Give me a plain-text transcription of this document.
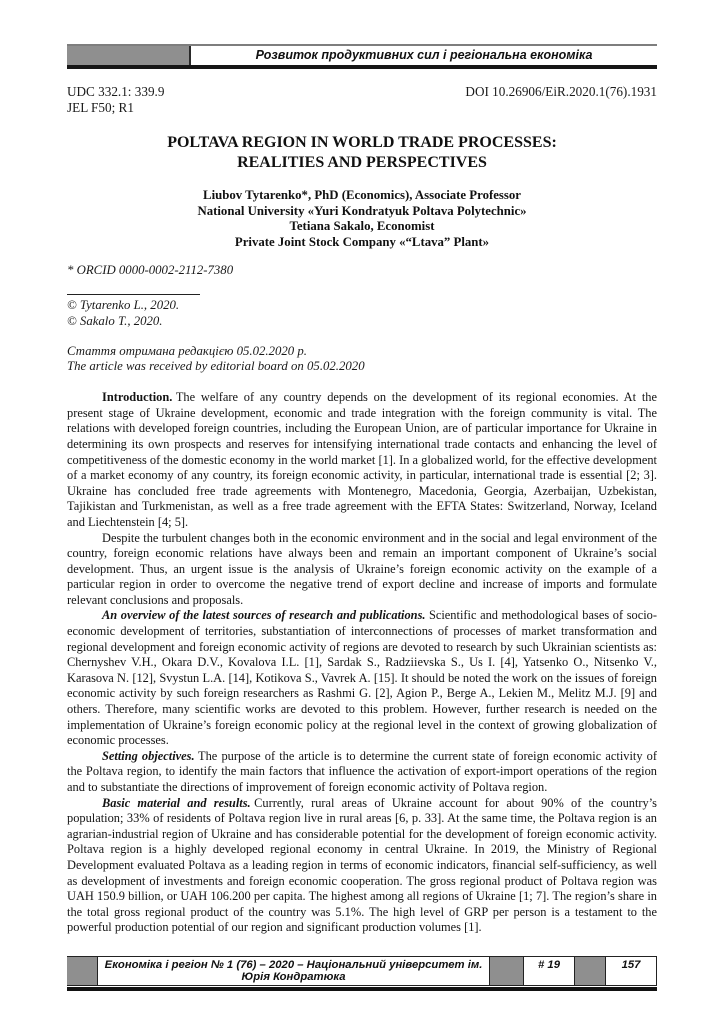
Розвиток продуктивних сил і регіональна економіка
UDC 332.1: 339.9
JEL F50; R1
DOI 10.26906/EiR.2020.1(76).1931
POLTAVA REGION IN WORLD TRADE PROCESSES:
REALITIES AND PERSPECTIVES
Liubov Tytarenko*, PhD (Economics), Associate Professor
National University «Yuri Kondratyuk Poltava Polytechnic»
Tetiana Sakalo, Economist
Private Joint Stock Company «“Ltava” Plant»
* ORCID 0000-0002-2112-7380
© Tytarenko L., 2020.
© Sakalo T., 2020.
Стаття отримана редакцією 05.02.2020 р.
The article was received by editorial board on 05.02.2020

Introduction. The welfare of any country depends on the development of its regional economies. At the present stage of Ukraine development, economic and trade integration with the foreign community is vital. The relations with developed foreign countries, including the European Union, are of particular importance for Ukraine in determining its own prospects and reserves for intensifying international trade contacts and enhancing the level of competitiveness of the domestic economy in the world market [1]. In a globalized world, for the effective development of a market economy of any country, its foreign economic activity, in particular, international trade is essential [2; 3]. Ukraine has concluded free trade agreements with Montenegro, Macedonia, Georgia, Azerbaijan, Uzbekistan, Tajikistan and Turkmenistan, as well as a free trade agreement with the EFTA States: Switzerland, Norway, Iceland and Liechtenstein [4; 5].

Despite the turbulent changes both in the economic environment and in the social and legal environment of the country, foreign economic relations have always been and remain an important component of Ukraine’s social development. Thus, an urgent issue is the analysis of Ukraine’s foreign economic activity on the example of a particular region in order to overcome the negative trend of export decline and increase of imports and formulate relevant conclusions and proposals.

An overview of the latest sources of research and publications. Scientific and methodological bases of socio-economic development of territories, substantiation of interconnections of processes of market transformation and regional development and foreign economic activity of regions are devoted to research by such Ukrainian scientists as: Chernyshev V.H., Okara D.V., Kovalova I.L. [1], Sardak S., Radziievska S., Us I. [4], Yatsenko O., Nitsenko V., Karasova N. [12], Svystun L.A. [14], Kotikova S., Vavrek A. [15]. It should be noted the work on the issues of foreign economic activity by such foreign researchers as Rashmi G. [2], Agion P., Berge A., Lekien M., Melitz M.J. [9] and others. Therefore, many scientific works are devoted to this problem. However, further research is needed on the implementation of Ukraine’s foreign economic policy at the regional level in the context of growing globalization of economic processes.

Setting objectives. The purpose of the article is to determine the current state of foreign economic activity of the Poltava region, to identify the main factors that influence the activation of export-import operations of the region and to substantiate the directions of improvement of foreign economic activity of Poltava region.

Basic material and results. Currently, rural areas of Ukraine account for about 90% of the country’s population; 33% of residents of Poltava region live in rural areas [6, p. 33]. At the same time, the Poltava region is an agrarian-industrial region of Ukraine and has considerable potential for the development of foreign economic activity. Poltava region is a highly developed regional economy in central Ukraine. In 2019, the Ministry of Regional Development evaluated Poltava as a leading region in terms of economic indicators, financial self-sufficiency, as well as development of investments and foreign economic cooperation. The gross regional product of Poltava region was UAH 150.9 billion, or UAH 106.200 per capita. The highest among all regions of Ukraine [1; 7]. The region’s share in the total gross regional product of the country was 5.1%. The high level of GRP per person is a testament to the powerful production potential of our region and significant production volumes [1].

Економіка і регіон № 1 (76) – 2020 – Національний університет ім. Юрія Кондратюка
# 19	157
